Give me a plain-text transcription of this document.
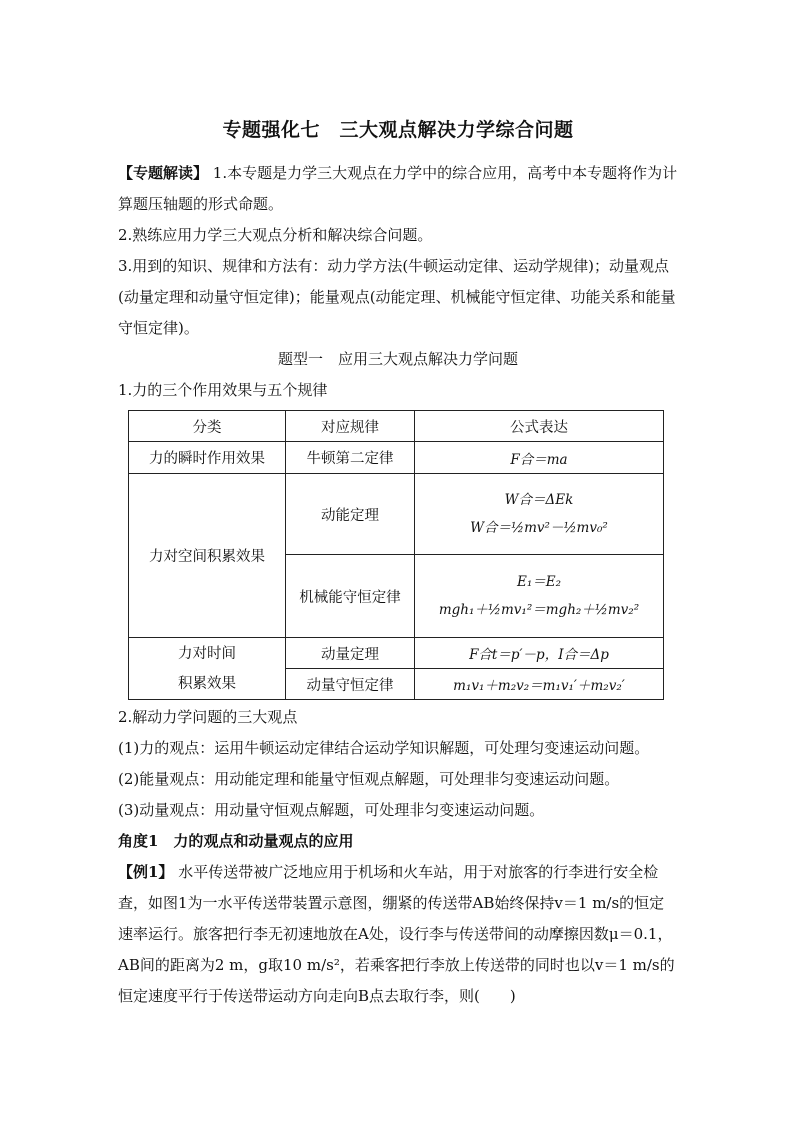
专题强化七　三大观点解决力学综合问题

【专题解读】 1.本专题是力学三大观点在力学中的综合应用，高考中本专题将作为计算题压轴题的形式命题。

2.熟练应用力学三大观点分析和解决综合问题。

3.用到的知识、规律和方法有：动力学方法(牛顿运动定律、运动学规律)；动量观点(动量定理和动量守恒定律)；能量观点(动能定理、机械能守恒定律、功能关系和能量守恒定律)。

题型一　应用三大观点解决力学问题

1.力的三个作用效果与五个规律

分类	对应规律	公式表达
力的瞬时作用效果	牛顿第二定律	F合＝ma
力对空间积累效果	动能定理	W合＝ΔEk
W合＝½mv²－½mv₀²

	机械能守恒定律	E₁＝E₂
mgh₁＋½mv₁²＝mgh₂＋½mv₂²

力对时间
积累效果	动量定理	F合t＝p′－p，I合＝Δp
	动量守恒定律	m₁v₁＋m₂v₂＝m₁v₁′＋m₂v₂′

2.解动力学问题的三大观点

(1)力的观点：运用牛顿运动定律结合运动学知识解题，可处理匀变速运动问题。

(2)能量观点：用动能定理和能量守恒观点解题，可处理非匀变速运动问题。

(3)动量观点：用动量守恒观点解题，可处理非匀变速运动问题。

角度1　力的观点和动量观点的应用

【例1】 水平传送带被广泛地应用于机场和火车站，用于对旅客的行李进行安全检查，如图1为一水平传送带装置示意图，绷紧的传送带AB始终保持v＝1 m/s的恒定速率运行。旅客把行李无初速地放在A处，设行李与传送带间的动摩擦因数μ＝0.1，AB间的距离为2 m，g取10 m/s²，若乘客把行李放上传送带的同时也以v＝1 m/s的恒定速度平行于传送带运动方向走向B点去取行李，则(　　)
